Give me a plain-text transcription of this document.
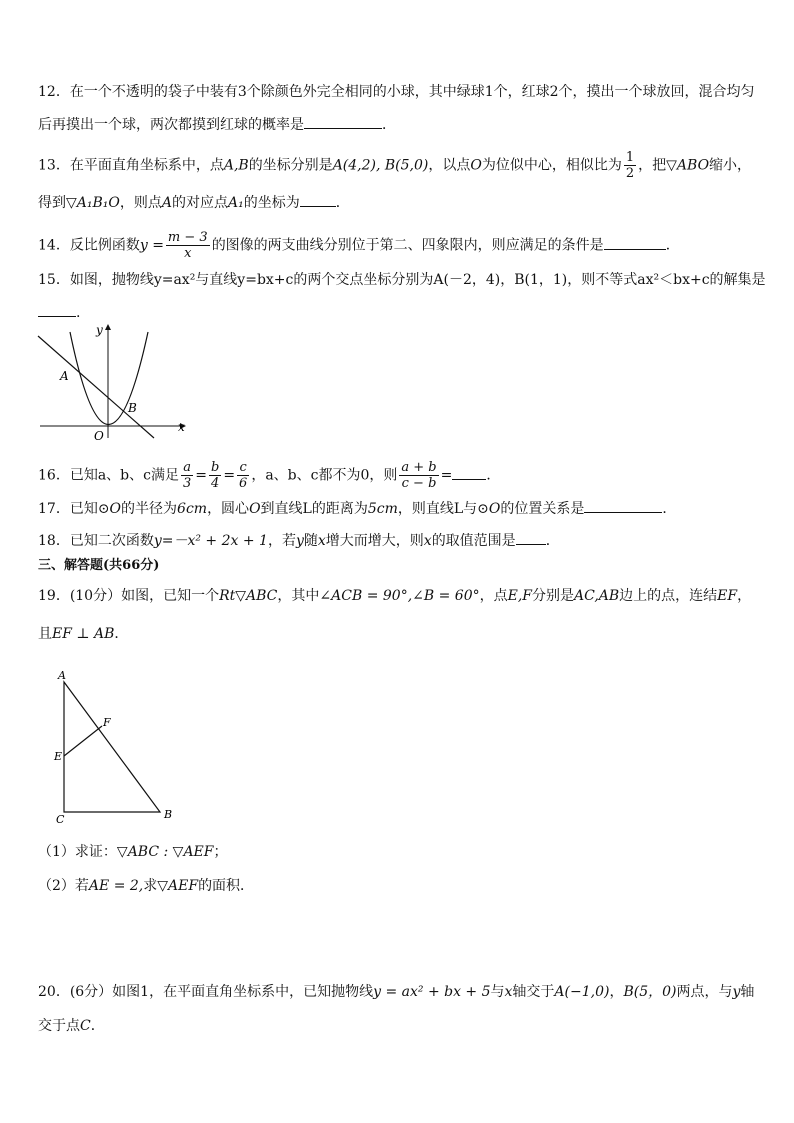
12．在一个不透明的袋子中装有3个除颜色外完全相同的小球，其中绿球1个，红球2个，摸出一个球放回，混合均匀
后再摸出一个球，两次都摸到红球的概率是	．
13．在平面直角坐标系中，点A,B的坐标分别是A(4,2), B(5,0)，以点O为位似中心，相似比为 $\frac{1}{2}$ ，把▽ABO缩小，
得到▽A₁B₁O，则点A的对应点A₁的坐标为	．
14．反比例函数$y = \frac{m - 3}{x}$ 的图像的两支曲线分别位于第二、四象限内，则应满足的条件是	．
15．如图，抛物线y=ax²与直线y=bx+c的两个交点坐标分别为A(－2，4)，B(1，1)，则不等式ax²＜bx+c的解集是
.
y
x
A
B
O
16．已知a、b、c满足 $\frac{a}{3} = \frac{b}{4} = \frac{c}{6}$ ，a、b、c都不为0，则 $\frac{a + b}{c - b}$ = ．
17．已知⊙O的半径为6cm，圆心O到直线L的距离为5cm，则直线L与⊙O的位置关系是	．
18．已知二次函数y=－x² + 2x + 1，若y随x增大而增大，则x的取值范围是 ．
三、解答题(共66分)
19．(10分）如图，已知一个Rt▽ABC，其中∠ACB = 90°,∠B = 60°，点E,F分别是AC,AB边上的点，连结EF，
且EF ⊥ AB．
A
E
F
C	B
（1）求证：▽ABC : ▽AEF；
（2）若AE = 2,求▽AEF的面积．
20．(6分）如图1，在平面直角坐标系中，已知抛物线y = ax² + bx + 5与x轴交于A(−1,0)，B(5，0)两点，与y轴
交于点C．
